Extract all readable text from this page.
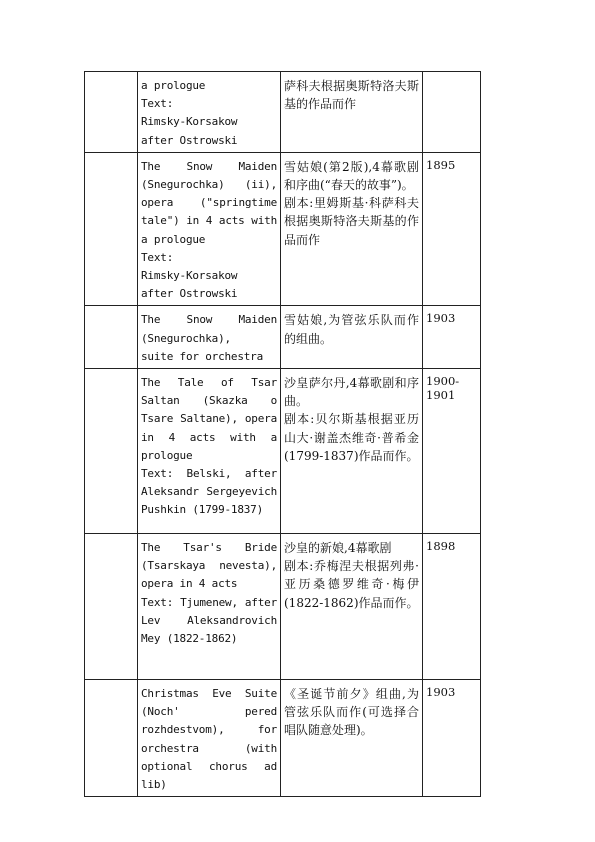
	a prologue
Text:
Rimsky-Korsakow
after Ostrowski	萨科夫根据奥斯特洛夫斯基的作品而作	
	The Snow Maiden (Snegurochka) (ii), opera ("springtime tale") in 4 acts with a prologue
Text:
Rimsky-Korsakow
after Ostrowski	雪姑娘(第2版),4幕歌剧和序曲(“春天的故事”)。
剧本:里姆斯基·科萨科夫根据奥斯特洛夫斯基的作品而作	1895
	The Snow Maiden (Snegurochka),
suite for orchestra	雪姑娘,为管弦乐队而作的组曲。	1903
	The Tale of Tsar Saltan (Skazka o Tsare Saltane), opera in 4 acts with a prologue
Text: Belski, after Aleksandr Sergeyevich Pushkin (1799-1837)	沙皇萨尔丹,4幕歌剧和序曲。
剧本:贝尔斯基根据亚历山大·谢盖杰维奇·普希金(1799-1837)作品而作。	1900-1901
	The Tsar's Bride (Tsarskaya nevesta), opera in 4 acts
Text: Tjumenew, after Lev Aleksandrovich Mey (1822-1862)	沙皇的新娘,4幕歌剧
剧本:乔梅涅夫根据列弗·亚历桑德罗维奇·梅伊(1822-1862)作品而作。	1898
	Christmas Eve Suite (Noch' pered rozhdestvom), for orchestra (with optional chorus ad lib)	《圣诞节前夕》组曲,为管弦乐队而作(可选择合唱队随意处理)。	1903
